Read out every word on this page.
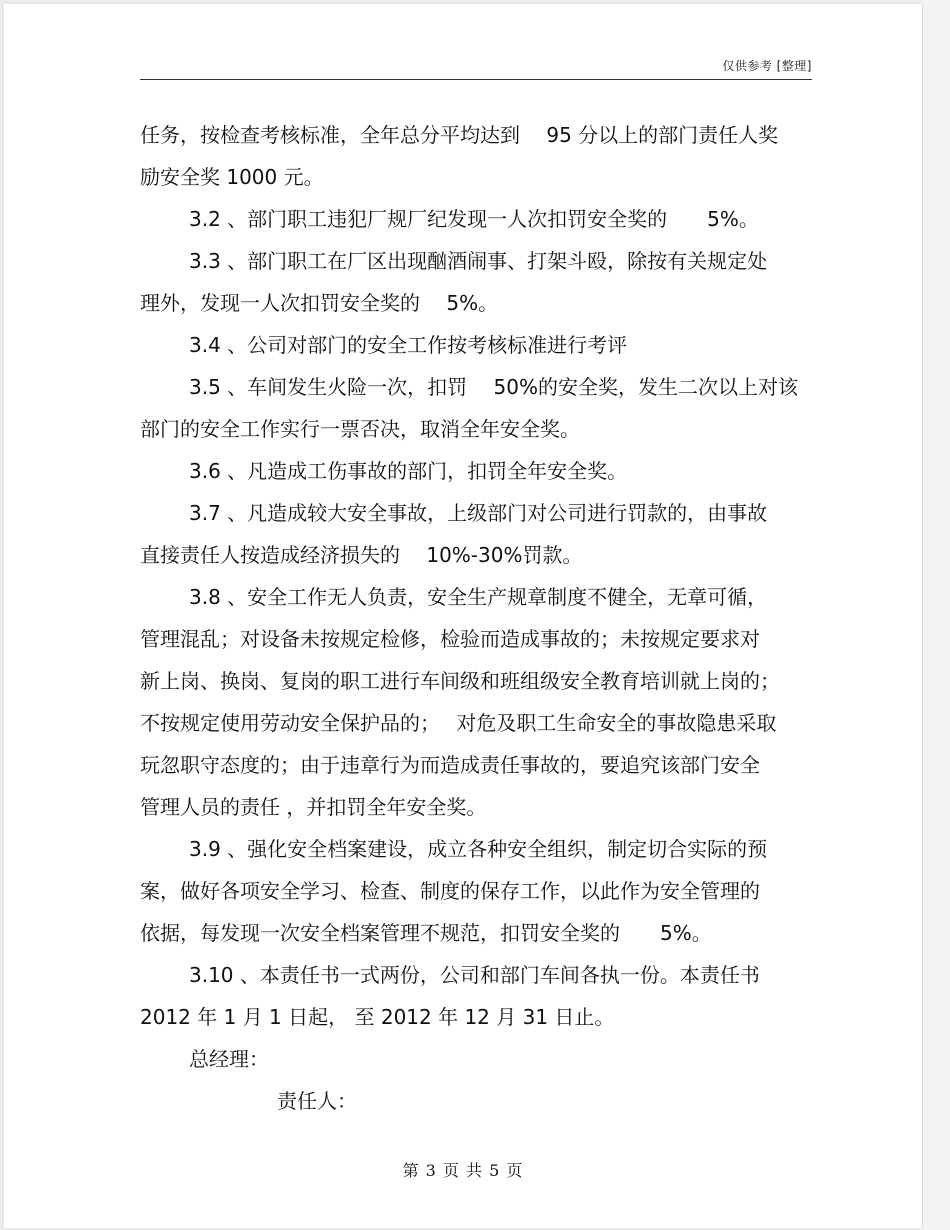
仅供参考 [整理]
任务，按检查考核标准，全年总分平均达到　 95 分以上的部门责任人奖
励安全奖 1000 元。
3.2 、部门职工违犯厂规厂纪发现一人次扣罚安全奖的　　5%。
3.3 、部门职工在厂区出现酗酒闹事、打架斗殴，除按有关规定处
理外，发现一人次扣罚安全奖的　 5%。
3.4 、公司对部门的安全工作按考核标准进行考评
3.5 、车间发生火险一次，扣罚　 50%的安全奖，发生二次以上对该
部门的安全工作实行一票否决，取消全年安全奖。
3.6 、凡造成工伤事故的部门，扣罚全年安全奖。
3.7 、凡造成较大安全事故，上级部门对公司进行罚款的，由事故
直接责任人按造成经济损失的　 10%-30%罚款。
3.8 、安全工作无人负责，安全生产规章制度不健全，无章可循，
管理混乱；对设备未按规定检修，检验而造成事故的；未按规定要求对
新上岗、换岗、复岗的职工进行车间级和班组级安全教育培训就上岗的；
不按规定使用劳动安全保护品的；　 对危及职工生命安全的事故隐患采取
玩忽职守态度的；由于违章行为而造成责任事故的，要追究该部门安全
管理人员的责任 ，并扣罚全年安全奖。
3.9 、强化安全档案建设，成立各种安全组织，制定切合实际的预
案，做好各项安全学习、检查、制度的保存工作，以此作为安全管理的
依据，每发现一次安全档案管理不规范，扣罚安全奖的　　5%。
3.10 、本责任书一式两份，公司和部门车间各执一份。本责任书
2012 年 1 月 1 日起， 至 2012 年 12 月 31 日止。
总经理：
责任人：
第 3 页 共 5 页
